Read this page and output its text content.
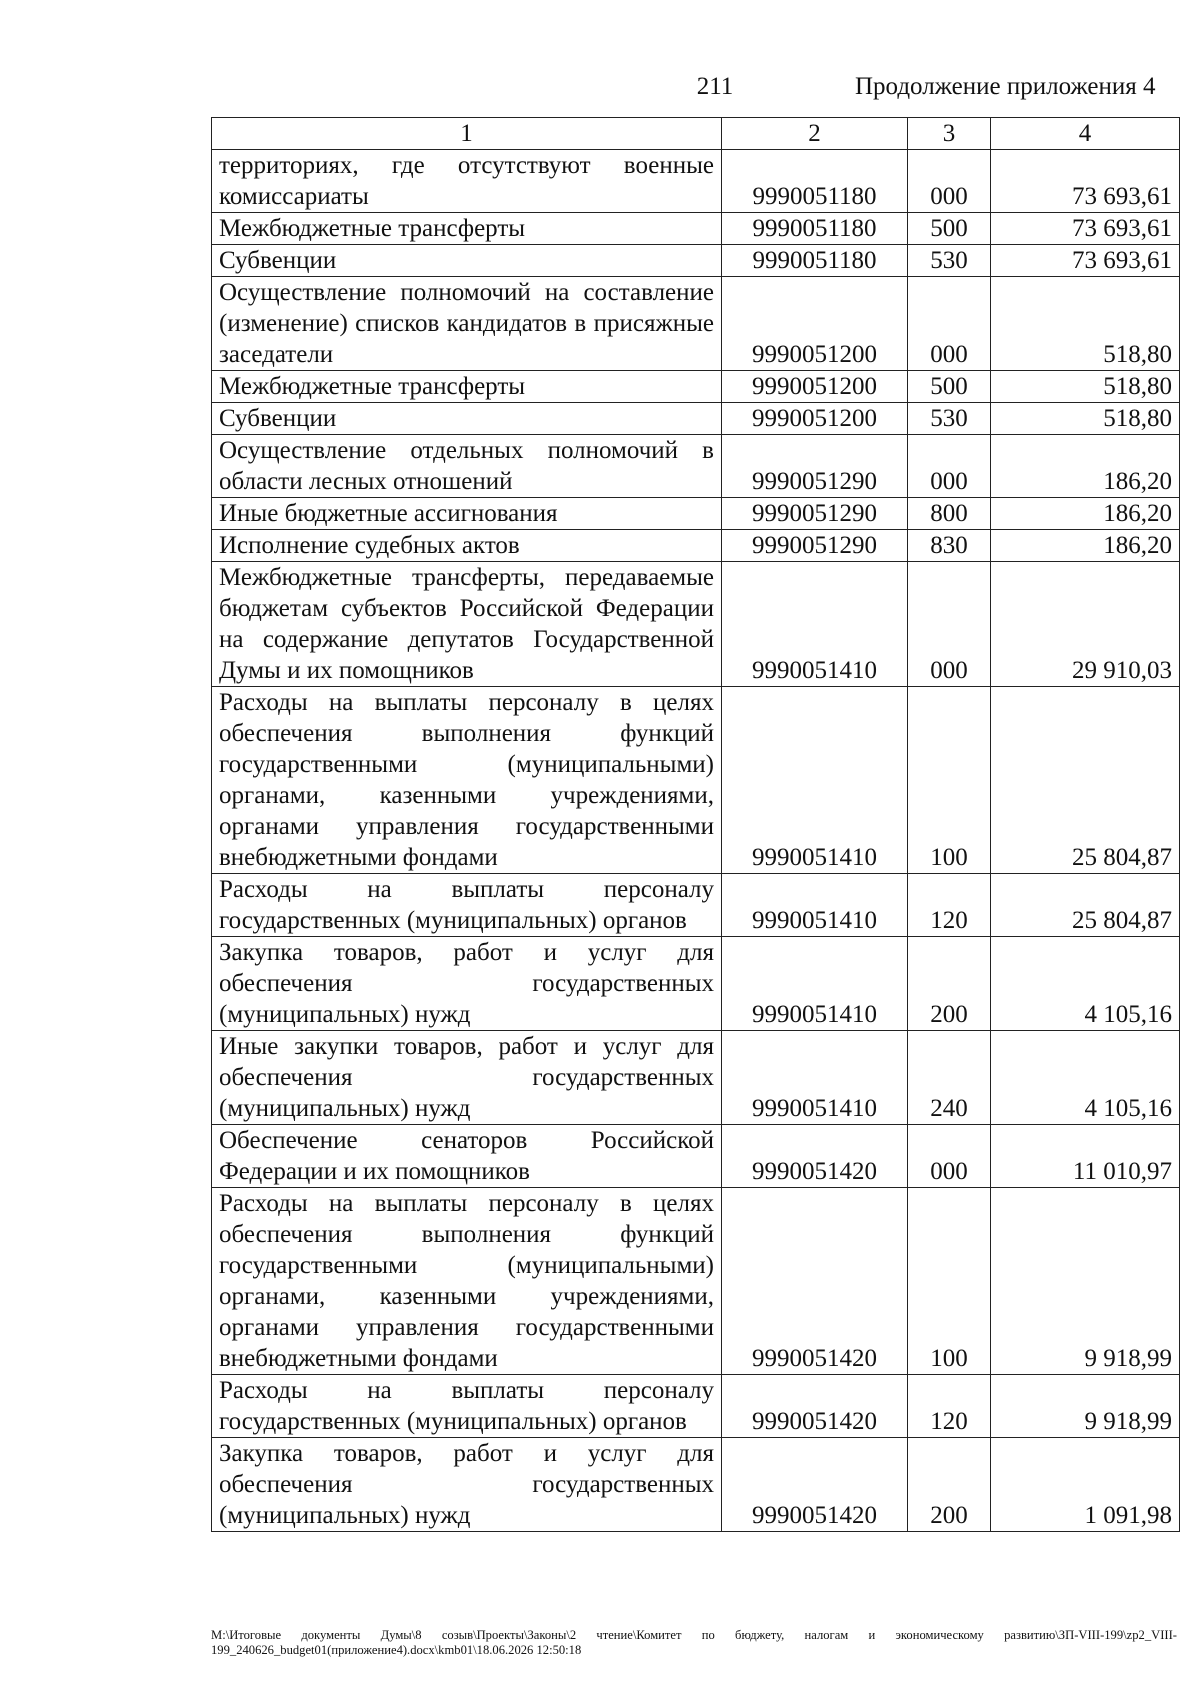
211	Продолжение приложения 4
1	2	3	4
территориях, где отсутствуют военные комиссариаты	9990051180	000	73 693,61
Межбюджетные трансферты	9990051180	500	73 693,61
Субвенции	9990051180	530	73 693,61
Осуществление полномочий на составление (изменение) списков кандидатов в присяжные заседатели	9990051200	000	518,80
Межбюджетные трансферты	9990051200	500	518,80
Субвенции	9990051200	530	518,80
Осуществление отдельных полномочий в области лесных отношений	9990051290	000	186,20
Иные бюджетные ассигнования	9990051290	800	186,20
Исполнение судебных актов	9990051290	830	186,20
Межбюджетные трансферты, передаваемые бюджетам субъектов Российской Федерации на содержание депутатов Государственной Думы и их помощников	9990051410	000	29 910,03
Расходы на выплаты персоналу в целях обеспечения выполнения функций государственными (муниципальными) органами, казенными учреждениями, органами управления государственными внебюджетными фондами	9990051410	100	25 804,87
Расходы на выплаты персоналу государственных (муниципальных) органов	9990051410	120	25 804,87
Закупка товаров, работ и услуг для обеспечения государственных (муниципальных) нужд	9990051410	200	4 105,16
Иные закупки товаров, работ и услуг для обеспечения государственных (муниципальных) нужд	9990051410	240	4 105,16
Обеспечение сенаторов Российской Федерации и их помощников	9990051420	000	11 010,97
Расходы на выплаты персоналу в целях обеспечения выполнения функций государственными (муниципальными) органами, казенными учреждениями, органами управления государственными внебюджетными фондами	9990051420	100	9 918,99
Расходы на выплаты персоналу государственных (муниципальных) органов	9990051420	120	9 918,99
Закупка товаров, работ и услуг для обеспечения государственных (муниципальных) нужд	9990051420	200	1 091,98
М:\Итоговые документы Думы\8 созыв\Проекты\Законы\2 чтение\Комитет по бюджету, налогам и экономическому развитию\ЗП-VIII-199\zp2_VIII-199_240626_budget01(приложение4).docx\kmb01\18.06.2026 12:50:18
